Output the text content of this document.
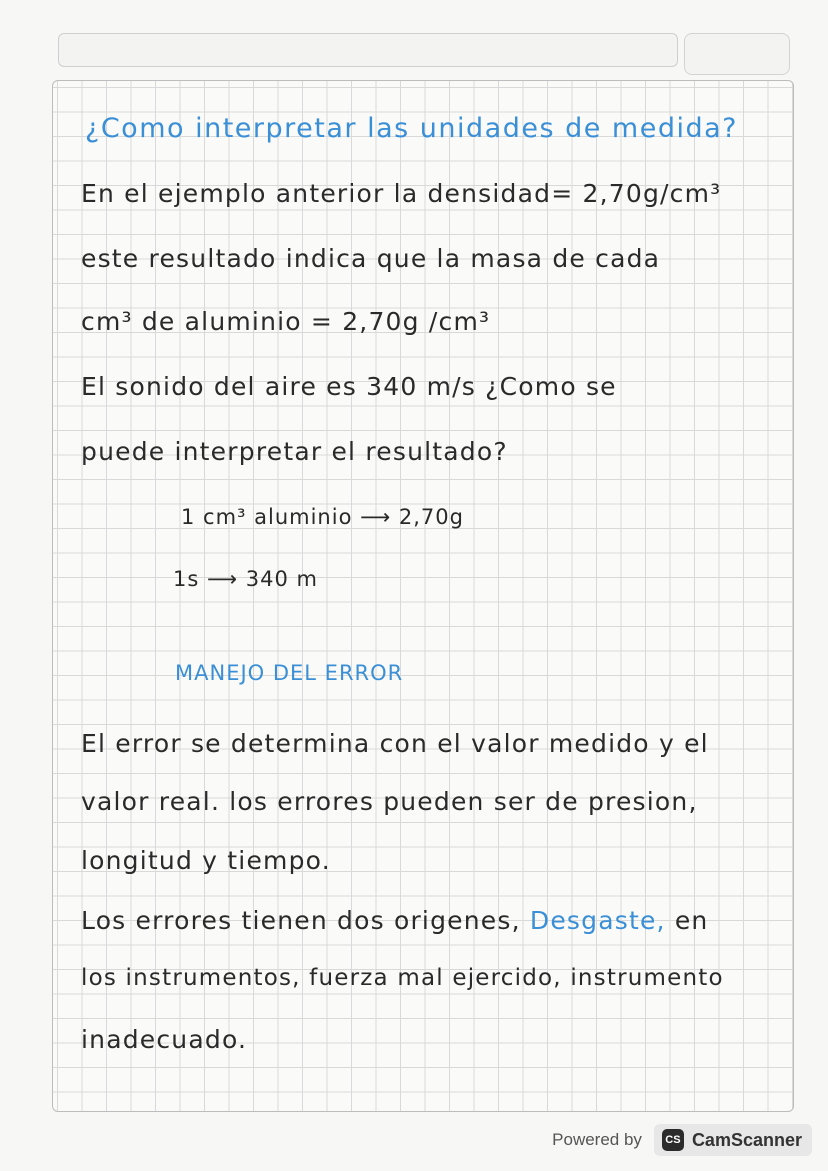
¿Como interpretar las unidades de medida?
En el ejemplo anterior la densidad= 2,70g/cm³
este resultado indica que la masa de cada
cm³ de aluminio = 2,70g /cm³
El sonido del aire es 340 m/s ¿Como se
puede interpretar el resultado?
1 cm³ aluminio ⟶ 2,70g
1s ⟶ 340 m
MANEJO DEL ERROR
El error se determina con el valor medido y el
valor real. los errores pueden ser de presion,
longitud y tiempo.
Los errores tienen dos origenes, Desgaste, en
los instrumentos, fuerza mal ejercido, instrumento
inadecuado.
Powered by	CS CamScanner
